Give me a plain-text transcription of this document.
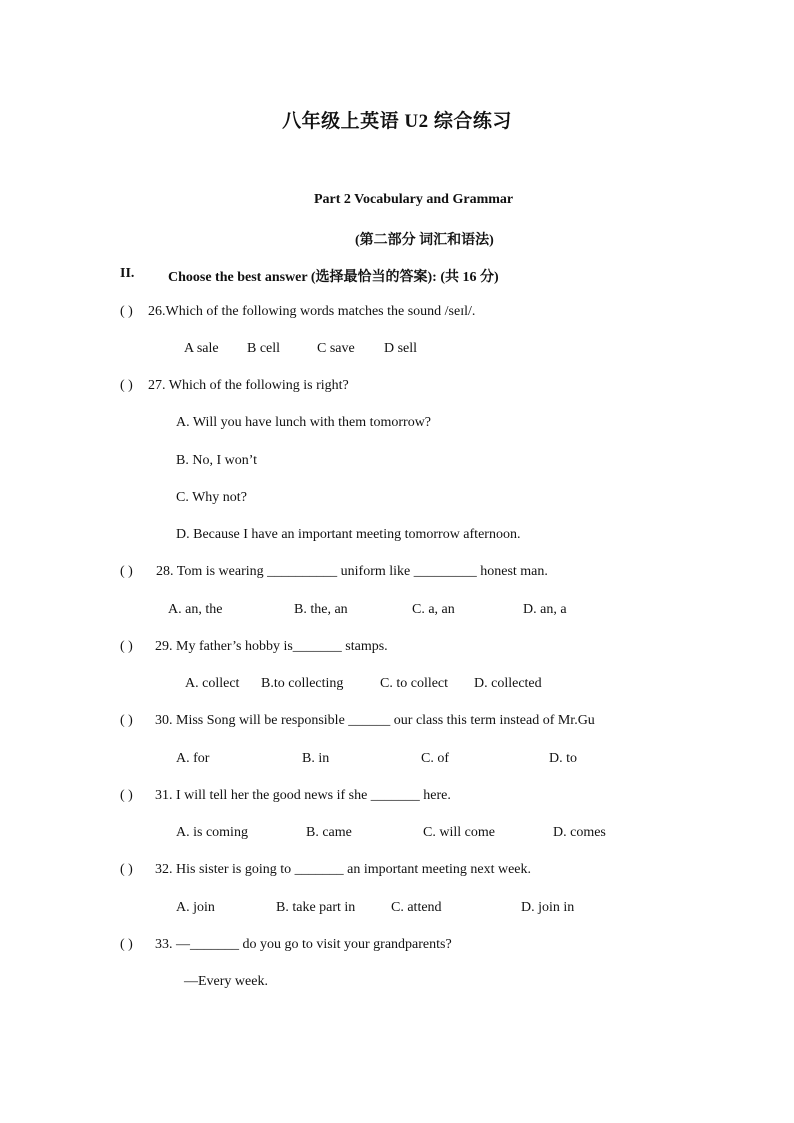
八年级上英语 U2 综合练习
Part 2 Vocabulary and Grammar
(第二部分 词汇和语法)
II. Choose the best answer (选择最恰当的答案): (共 16 分)
( ) 26.Which of the following words matches the sound /seɪl/.
A sale B cell	C save D sell
( ) 27. Which of the following is right?
A. Will you have lunch with them tomorrow?
B. No, I won’t
C. Why not?
D. Because I have an important meeting tomorrow afternoon.
( ) 28. Tom is wearing __________ uniform like _________ honest man.
A. an, the	B. the, an	C. a, an	D. an, a
( ) 29. My father’s hobby is_______ stamps.
A. collect B.to collecting	C. to collect D. collected
( ) 30. Miss Song will be responsible ______ our class this term instead of Mr.Gu
A. for	B. in	C. of	D. to
( ) 31. I will tell her the good news if she _______ here.
A. is coming	B. came	C. will come	D. comes
( ) 32. His sister is going to _______ an important meeting next week.
A. join	B. take part in	C. attend	D. join in
( ) 33. —_______ do you go to visit your grandparents?
—Every week.
